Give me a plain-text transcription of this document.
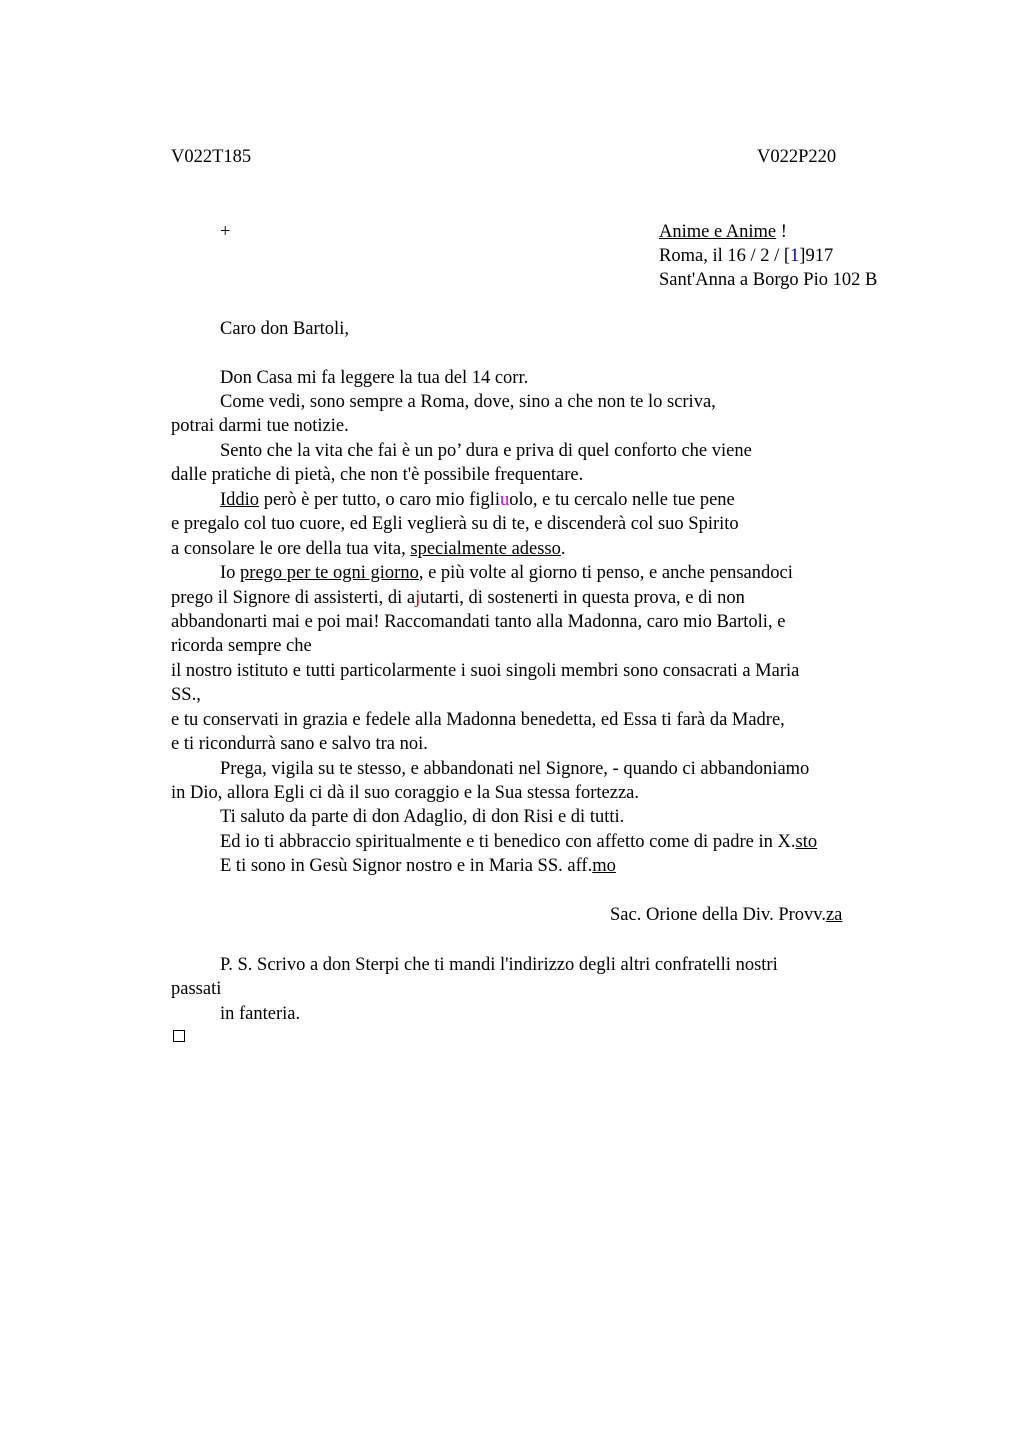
V022T185	V022P220
+	Anime e Anime !
Roma, il 16 / 2 / [1]917
Sant'Anna a Borgo Pio 102 B
Caro don Bartoli,
Don Casa mi fa leggere la tua del 14 corr.
Come vedi, sono sempre a Roma, dove, sino a che non te lo scriva,
potrai darmi tue notizie.
Sento che la vita che fai è un po’ dura e priva di quel conforto che viene
dalle pratiche di pietà, che non t'è possibile frequentare.
Iddio però è per tutto, o caro mio figliuolo, e tu cercalo nelle tue pene
e pregalo col tuo cuore, ed Egli veglierà su di te, e discenderà col suo Spirito
a consolare le ore della tua vita, specialmente adesso.
Io prego per te ogni giorno, e più volte al giorno ti penso, e anche pensandoci
prego il Signore di assisterti, di ajutarti, di sostenerti in questa prova, e di non
abbandonarti mai e poi mai! Raccomandati tanto alla Madonna, caro mio Bartoli, e
ricorda sempre che
il nostro istituto e tutti particolarmente i suoi singoli membri sono consacrati a Maria
SS.,
e tu conservati in grazia e fedele alla Madonna benedetta, ed Essa ti farà da Madre,
e ti ricondurrà sano e salvo tra noi.
Prega, vigila su te stesso, e abbandonati nel Signore, - quando ci abbandoniamo
in Dio, allora Egli ci dà il suo coraggio e la Sua stessa fortezza.
Ti saluto da parte di don Adaglio, di don Risi e di tutti.
Ed io ti abbraccio spiritualmente e ti benedico con affetto come di padre in X.sto
E ti sono in Gesù Signor nostro e in Maria SS. aff.mo
Sac. Orione della Div. Provv.za
P. S. Scrivo a don Sterpi che ti mandi l'indirizzo degli altri confratelli nostri
passati
in fanteria.
